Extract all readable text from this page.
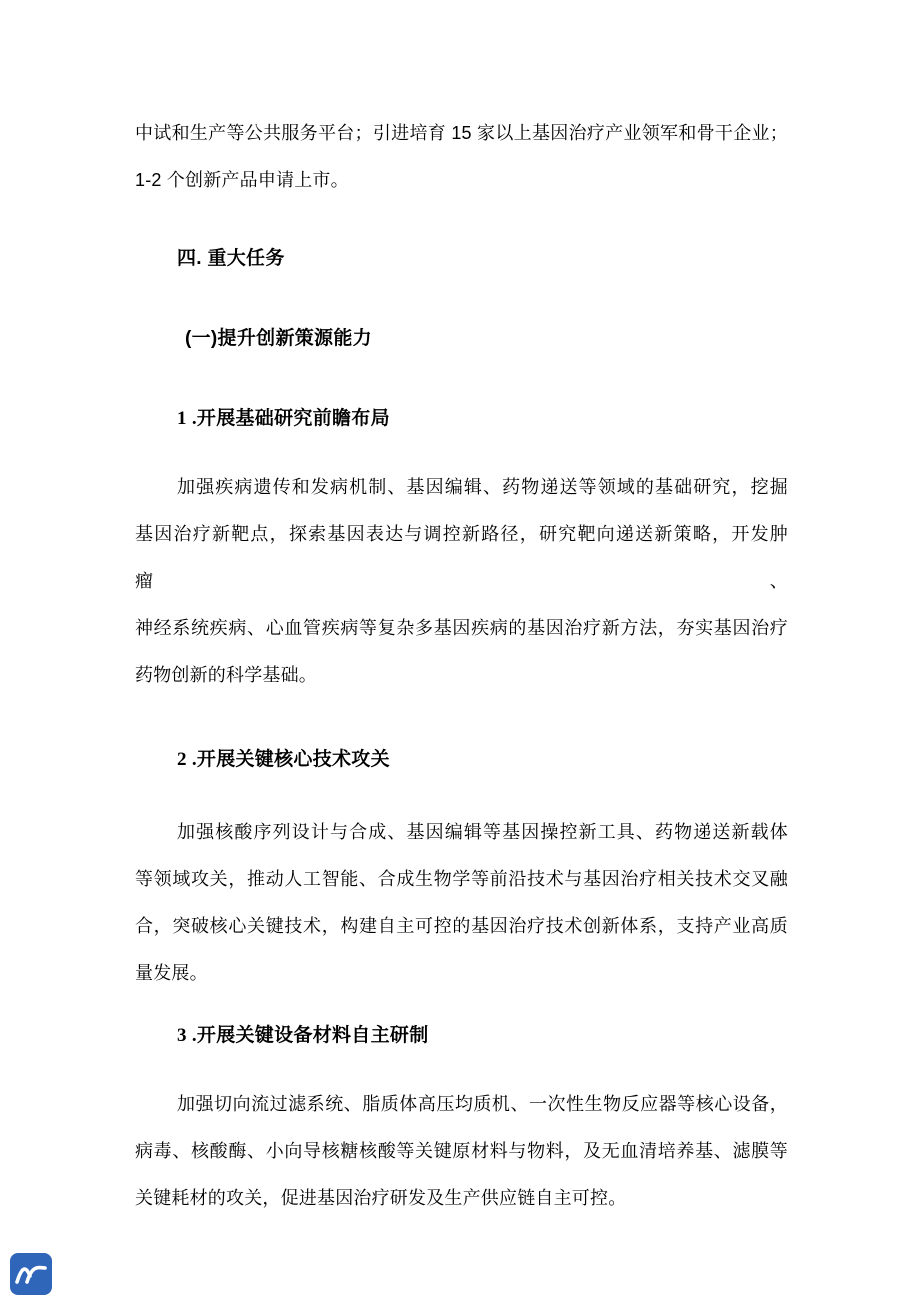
中试和生产等公共服务平台；引进培育 15 家以上基因治疗产业领军和骨干企业；
1-2 个创新产品申请上市。
四. 重大任务
(一)提升创新策源能力
1 .开展基础研究前瞻布局
加强疾病遗传和发病机制、基因编辑、药物递送等领域的基础研究，挖掘
基因治疗新靶点，探索基因表达与调控新路径，研究靶向递送新策略，开发肿瘤、
神经系统疾病、心血管疾病等复杂多基因疾病的基因治疗新方法，夯实基因治疗
药物创新的科学基础。
2 .开展关键核心技术攻关
加强核酸序列设计与合成、基因编辑等基因操控新工具、药物递送新载体
等领域攻关，推动人工智能、合成生物学等前沿技术与基因治疗相关技术交叉融
合，突破核心关键技术，构建自主可控的基因治疗技术创新体系，支持产业高质
量发展。
3 .开展关键设备材料自主研制
加强切向流过滤系统、脂质体高压均质机、一次性生物反应器等核心设备，
病毒、核酸酶、小向导核糖核酸等关键原材料与物料，及无血清培养基、滤膜等
关键耗材的攻关，促进基因治疗研发及生产供应链自主可控。
